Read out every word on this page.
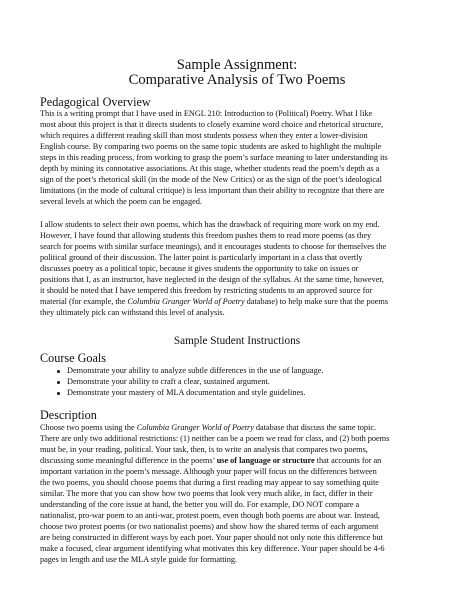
Sample Assignment:
Comparative Analysis of Two Poems
Pedagogical Overview
This is a writing prompt that I have used in ENGL 210: Introduction to (Political) Poetry. What I like
most about this project is that it directs students to closely examine word choice and rhetorical structure,
which requires a different reading skill than most students possess when they enter a lower-division
English course. By comparing two poems on the same topic students are asked to highlight the multiple
steps in this reading process, from working to grasp the poem’s surface meaning to later understanding its
depth by mining its connotative associations. At this stage, whether students read the poem’s depth as a
sign of the poet’s rhetorical skill (in the mode of the New Critics) or as the sign of the poet’s ideological
limitations (in the mode of cultural critique) is less important than their ability to recognize that there are
several levels at which the poem can be engaged.
I allow students to select their own poems, which has the drawback of requiring more work on my end.
However, I have found that allowing students this freedom pushes them to read more poems (as they
search for poems with similar surface meanings), and it encourages students to choose for themselves the
political ground of their discussion. The latter point is particularly important in a class that overtly
discusses poetry as a political topic, because it gives students the opportunity to take on issues or
positions that I, as an instructor, have neglected in the design of the syllabus. At the same time, however,
it should be noted that I have tempered this freedom by restricting students to an approved source for
material (for example, the Columbia Granger World of Poetry database) to help make sure that the poems
they ultimately pick can withstand this level of analysis.
Sample Student Instructions
Course Goals
Demonstrate your ability to analyze subtle differences in the use of language.
Demonstrate your ability to craft a clear, sustained argument.
Demonstrate your mastery of MLA documentation and style guidelines.
Description
Choose two poems using the Columbia Granger World of Poetry database that discuss the same topic.
There are only two additional restrictions: (1) neither can be a poem we read for class, and (2) both poems
must be, in your reading, political. Your task, then, is to write an analysis that compares two poems,
discussing some meaningful difference in the poems’ use of language or structure that accounts for an
important variation in the poem’s message. Although your paper will focus on the differences between
the two poems, you should choose poems that during a first reading may appear to say something quite
similar. The more that you can show how two poems that look very much alike, in fact, differ in their
understanding of the core issue at hand, the better you will do. For example, DO NOT compare a
nationalist, pro-war poem to an anti-war, protest poem, even though both poems are about war. Instead,
choose two protest poems (or two nationalist poems) and show how the shared terms of each argument
are being constructed in different ways by each poet. Your paper should not only note this difference but
make a focused, clear argument identifying what motivates this key difference. Your paper should be 4-6
pages in length and use the MLA style guide for formatting.
